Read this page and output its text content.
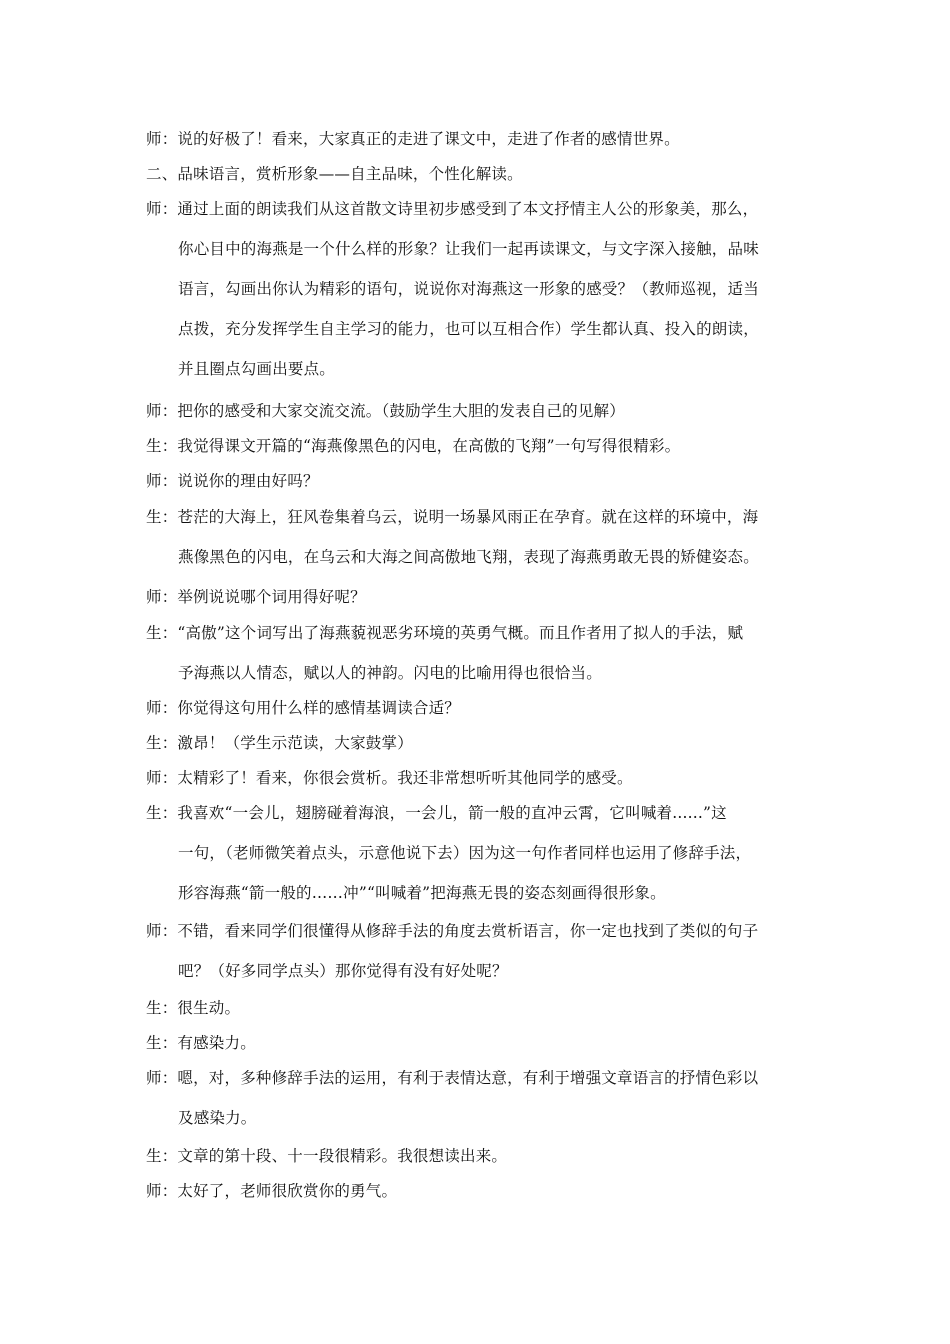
师：说的好极了！看来，大家真正的走进了课文中，走进了作者的感情世界。
二、品味语言，赏析形象——自主品味，个性化解读。
师：通过上面的朗读我们从这首散文诗里初步感受到了本文抒情主人公的形象美，那么，
你心目中的海燕是一个什么样的形象？让我们一起再读课文，与文字深入接触，品味
语言，勾画出你认为精彩的语句，说说你对海燕这一形象的感受？（教师巡视，适当
点拨，充分发挥学生自主学习的能力，也可以互相合作）学生都认真、投入的朗读，
并且圈点勾画出要点。
师：把你的感受和大家交流交流。（鼓励学生大胆的发表自己的见解）
生：我觉得课文开篇的“海燕像黑色的闪电，在高傲的飞翔”一句写得很精彩。
师：说说你的理由好吗？
生：苍茫的大海上，狂风卷集着乌云，说明一场暴风雨正在孕育。就在这样的环境中，海
燕像黑色的闪电，在乌云和大海之间高傲地飞翔，表现了海燕勇敢无畏的矫健姿态。
师：举例说说哪个词用得好呢？
生：“高傲”这个词写出了海燕藐视恶劣环境的英勇气概。而且作者用了拟人的手法，赋
予海燕以人情态，赋以人的神韵。闪电的比喻用得也很恰当。
师：你觉得这句用什么样的感情基调读合适？
生：激昂！（学生示范读，大家鼓掌）
师：太精彩了！看来，你很会赏析。我还非常想听听其他同学的感受。
生：我喜欢“一会儿，翅膀碰着海浪，一会儿，箭一般的直冲云霄，它叫喊着......”这
一句，（老师微笑着点头，示意他说下去）因为这一句作者同样也运用了修辞手法，
形容海燕“箭一般的……冲”“叫喊着”把海燕无畏的姿态刻画得很形象。
师：不错，看来同学们很懂得从修辞手法的角度去赏析语言，你一定也找到了类似的句子
吧？（好多同学点头）那你觉得有没有好处呢？
生：很生动。
生：有感染力。
师：嗯，对，多种修辞手法的运用，有利于表情达意，有利于增强文章语言的抒情色彩以
及感染力。
生：文章的第十段、十一段很精彩。我很想读出来。
师：太好了，老师很欣赏你的勇气。
